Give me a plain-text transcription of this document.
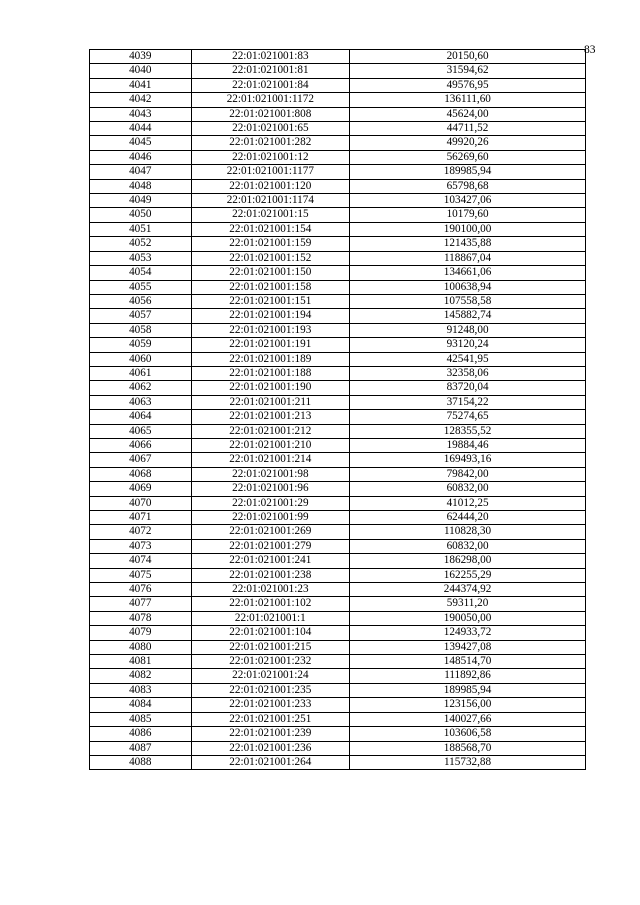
83
4039	22:01:021001:83	20150,60
4040	22:01:021001:81	31594,62
4041	22:01:021001:84	49576,95
4042	22:01:021001:1172	136111,60
4043	22:01:021001:808	45624,00
4044	22:01:021001:65	44711,52
4045	22:01:021001:282	49920,26
4046	22:01:021001:12	56269,60
4047	22:01:021001:1177	189985,94
4048	22:01:021001:120	65798,68
4049	22:01:021001:1174	103427,06
4050	22:01:021001:15	10179,60
4051	22:01:021001:154	190100,00
4052	22:01:021001:159	121435,88
4053	22:01:021001:152	118867,04
4054	22:01:021001:150	134661,06
4055	22:01:021001:158	100638,94
4056	22:01:021001:151	107558,58
4057	22:01:021001:194	145882,74
4058	22:01:021001:193	91248,00
4059	22:01:021001:191	93120,24
4060	22:01:021001:189	42541,95
4061	22:01:021001:188	32358,06
4062	22:01:021001:190	83720,04
4063	22:01:021001:211	37154,22
4064	22:01:021001:213	75274,65
4065	22:01:021001:212	128355,52
4066	22:01:021001:210	19884,46
4067	22:01:021001:214	169493,16
4068	22:01:021001:98	79842,00
4069	22:01:021001:96	60832,00
4070	22:01:021001:29	41012,25
4071	22:01:021001:99	62444,20
4072	22:01:021001:269	110828,30
4073	22:01:021001:279	60832,00
4074	22:01:021001:241	186298,00
4075	22:01:021001:238	162255,29
4076	22:01:021001:23	244374,92
4077	22:01:021001:102	59311,20
4078	22:01:021001:1	190050,00
4079	22:01:021001:104	124933,72
4080	22:01:021001:215	139427,08
4081	22:01:021001:232	148514,70
4082	22:01:021001:24	111892,86
4083	22:01:021001:235	189985,94
4084	22:01:021001:233	123156,00
4085	22:01:021001:251	140027,66
4086	22:01:021001:239	103606,58
4087	22:01:021001:236	188568,70
4088	22:01:021001:264	115732,88
